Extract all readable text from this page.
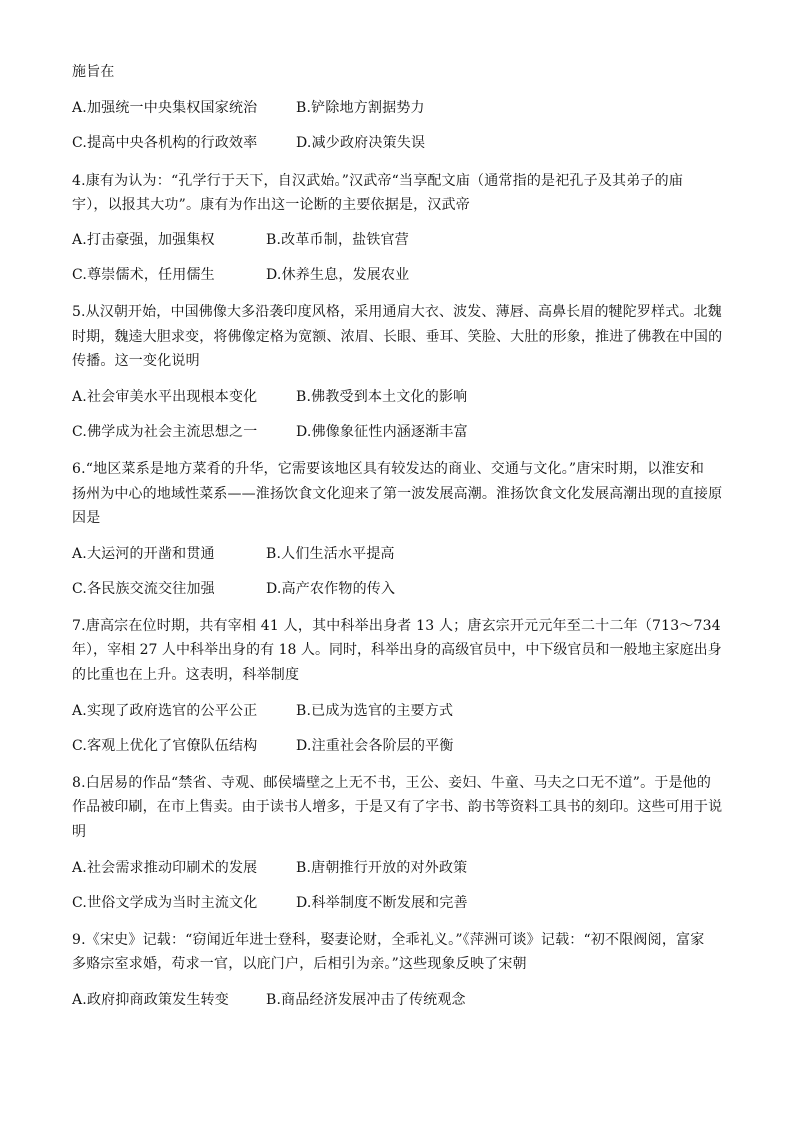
施旨在
A.加强统一中央集权国家统治	B.铲除地方割据势力
C.提高中央各机构的行政效率	D.减少政府决策失误
4.康有为认为：“孔学行于天下，自汉武始。”汉武帝“当享配文庙（通常指的是祀孔子及其弟子的庙
宇），以报其大功”。康有为作出这一论断的主要依据是，汉武帝
A.打击豪强，加强集权	B.改革币制，盐铁官营
C.尊崇儒术，任用儒生	D.休养生息，发展农业
5.从汉朝开始，中国佛像大多沿袭印度风格，采用通肩大衣、波发、薄唇、高鼻长眉的犍陀罗样式。北魏
时期，魏逵大胆求变，将佛像定格为宽额、浓眉、长眼、垂耳、笑脸、大肚的形象，推进了佛教在中国的
传播。这一变化说明
A.社会审美水平出现根本变化	B.佛教受到本土文化的影响
C.佛学成为社会主流思想之一	D.佛像象征性内涵逐渐丰富
6.“地区菜系是地方菜肴的升华，它需要该地区具有较发达的商业、交通与文化。”唐宋时期，以淮安和
扬州为中心的地域性菜系——淮扬饮食文化迎来了第一波发展高潮。淮扬饮食文化发展高潮出现的直接原
因是
A.大运河的开凿和贯通	B.人们生活水平提高
C.各民族交流交往加强	D.高产农作物的传入
7.唐高宗在位时期，共有宰相 41 人，其中科举出身者 13 人；唐玄宗开元元年至二十二年（713～734
年），宰相 27 人中科举出身的有 18 人。同时，科举出身的高级官员中，中下级官员和一般地主家庭出身
的比重也在上升。这表明，科举制度
A.实现了政府选官的公平公正	B.已成为选官的主要方式
C.客观上优化了官僚队伍结构	D.注重社会各阶层的平衡
8.白居易的作品“禁省、寺观、邮侯墙壁之上无不书，王公、妾妇、牛童、马夫之口无不道”。于是他的
作品被印刷，在市上售卖。由于读书人增多，于是又有了字书、韵书等资料工具书的刻印。这些可用于说
明
A.社会需求推动印刷术的发展	B.唐朝推行开放的对外政策
C.世俗文学成为当时主流文化	D.科举制度不断发展和完善
9.《宋史》记载：“窃闻近年进士登科，娶妻论财，全乖礼义。”《萍洲可谈》记载：“初不限阀阅，富家
多赂宗室求婚，苟求一官，以庇门户，后相引为亲。”这些现象反映了宋朝
A.政府抑商政策发生转变	B.商品经济发展冲击了传统观念
